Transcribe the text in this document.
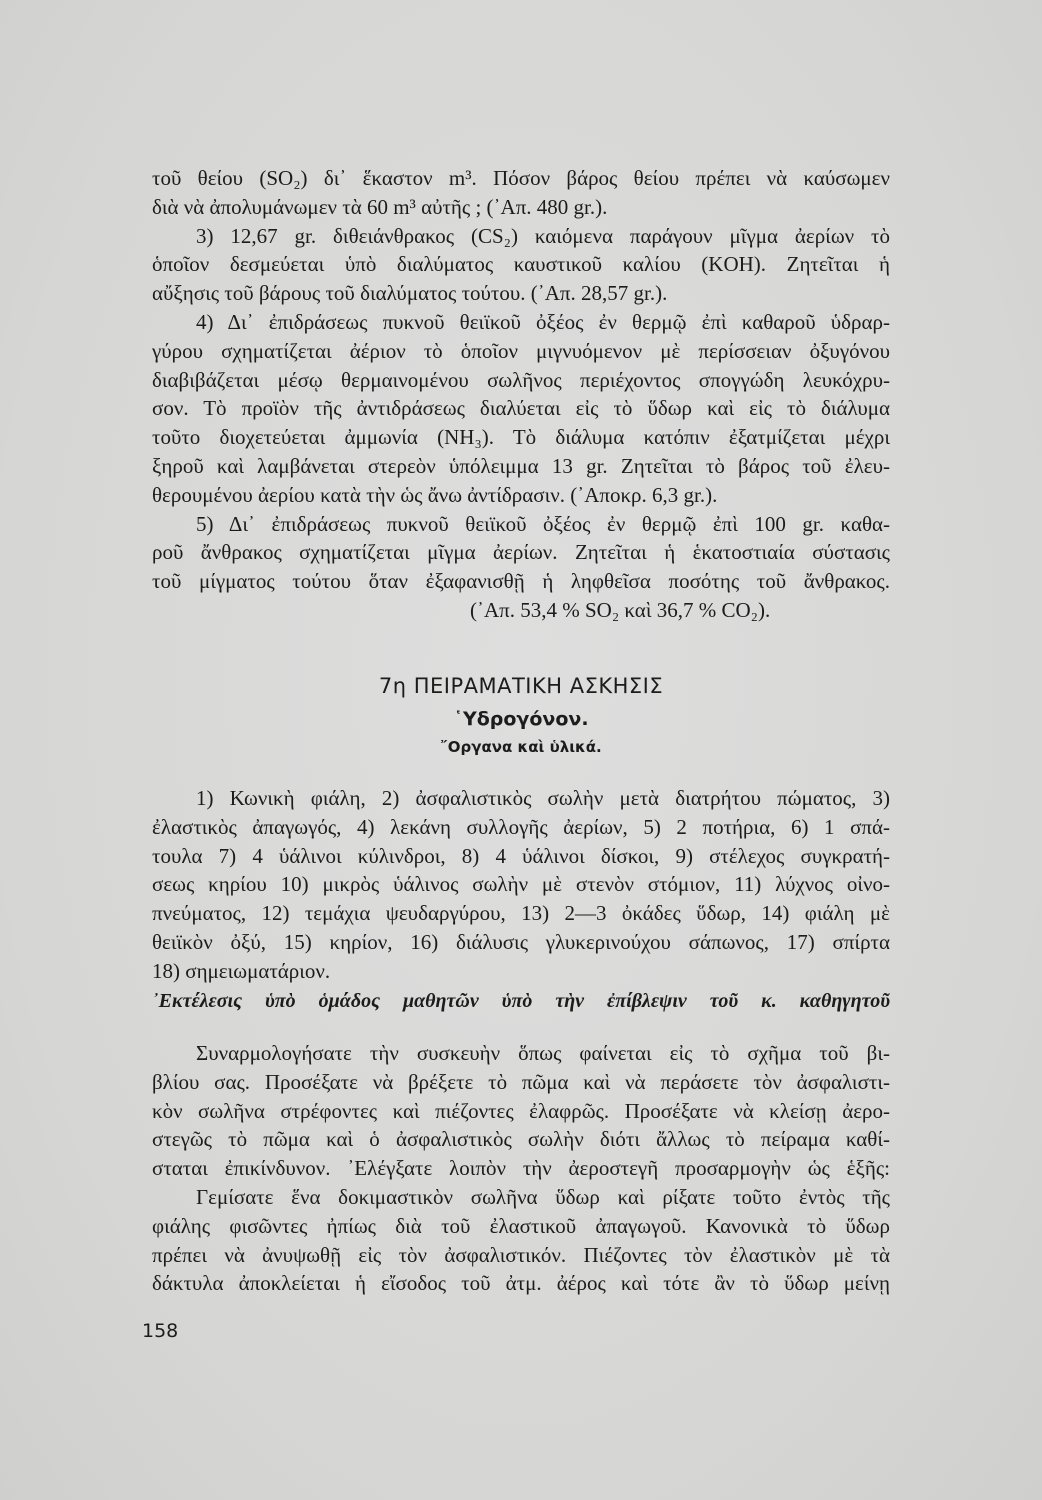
τοῦ θείου (SO₂) δι᾿ ἕκαστον m³. Πόσον βάρος θείου πρέπει νὰ καύσωμεν
διὰ νὰ ἀπολυμάνωμεν τὰ 60 m³ αὐτῆς ; (᾿Απ. 480 gr.).
3) 12,67 gr. διθειάνθρακος (CS₂) καιόμενα παράγουν μῖγμα ἀερίων τὸ
ὁποῖον δεσμεύεται ὑπὸ διαλύματος καυστικοῦ καλίου (KOH). Ζητεῖται ἡ
αὔξησις τοῦ βάρους τοῦ διαλύματος τούτου. (᾿Απ. 28,57 gr.).
4) Δι᾿ ἐπιδράσεως πυκνοῦ θειϊκοῦ ὀξέος ἐν θερμῷ ἐπὶ καθαροῦ ὑδραρ-
γύρου σχηματίζεται ἀέριον τὸ ὁποῖον μιγνυόμενον μὲ περίσσειαν ὀξυγόνου
διαβιβάζεται μέσῳ θερμαινομένου σωλῆνος περιέχοντος σπογγώδη λευκόχρυ-
σον. Τὸ προϊὸν τῆς ἀντιδράσεως διαλύεται εἰς τὸ ὕδωρ καὶ εἰς τὸ διάλυμα
τοῦτο διοχετεύεται ἀμμωνία (NH₃). Τὸ διάλυμα κατόπιν ἐξατμίζεται μέχρι
ξηροῦ καὶ λαμβάνεται στερεὸν ὑπόλειμμα 13 gr. Ζητεῖται τὸ βάρος τοῦ ἐλευ-
θερουμένου ἀερίου κατὰ τὴν ὡς ἄνω ἀντίδρασιν. (᾿Αποκρ. 6,3 gr.).
5) Δι᾿ ἐπιδράσεως πυκνοῦ θειϊκοῦ ὀξέος ἐν θερμῷ ἐπὶ 100 gr. καθα-
ροῦ ἄνθρακος σχηματίζεται μῖγμα ἀερίων. Ζητεῖται ἡ ἑκατοστιαία σύστασις
τοῦ μίγματος τούτου ὅταν ἐξαφανισθῇ ἡ ληφθεῖσα ποσότης τοῦ ἄνθρακος.
(᾿Απ. 53,4 % SO₂ καὶ 36,7 % CO₂).
7η ΠΕΙΡΑΜΑΤΙΚΗ ΑΣΚΗΣΙΣ
῾Υδρογόνον.
῎Οργανα καὶ ὑλικά.
1) Κωνικὴ φιάλη, 2) ἀσφαλιστικὸς σωλὴν μετὰ διατρήτου πώματος, 3)
ἐλαστικὸς ἀπαγωγός, 4) λεκάνη συλλογῆς ἀερίων, 5) 2 ποτήρια, 6) 1 σπά-
τουλα 7) 4 ὑάλινοι κύλινδροι, 8) 4 ὑάλινοι δίσκοι, 9) στέλεχος συγκρατή-
σεως κηρίου 10) μικρὸς ὑάλινος σωλὴν μὲ στενὸν στόμιον, 11) λύχνος οἰνο-
πνεύματος, 12) τεμάχια ψευδαργύρου, 13) 2—3 ὀκάδες ὕδωρ, 14) φιάλη μὲ
θειϊκὸν ὀξύ, 15) κηρίον, 16) διάλυσις γλυκερινούχου σάπωνος, 17) σπίρτα
18) σημειωματάριον.
᾿Εκτέλεσις ὑπὸ ὁμάδος μαθητῶν ὑπὸ τὴν ἐπίβλεψιν τοῦ κ. καθηγητοῦ
Συναρμολογήσατε τὴν συσκευὴν ὅπως φαίνεται εἰς τὸ σχῆμα τοῦ βι-
βλίου σας. Προσέξατε νὰ βρέξετε τὸ πῶμα καὶ νὰ περάσετε τὸν ἀσφαλιστι-
κὸν σωλῆνα στρέφοντες καὶ πιέζοντες ἐλαφρῶς. Προσέξατε νὰ κλείσῃ ἀερο-
στεγῶς τὸ πῶμα καὶ ὁ ἀσφαλιστικὸς σωλὴν διότι ἄλλως τὸ πείραμα καθί-
σταται ἐπικίνδυνον. ᾿Ελέγξατε λοιπὸν τὴν ἀεροστεγῆ προσαρμογὴν ὡς ἑξῆς:
Γεμίσατε ἕνα δοκιμαστικὸν σωλῆνα ὕδωρ καὶ ρίξατε τοῦτο ἐντὸς τῆς
φιάλης φισῶντες ἠπίως διὰ τοῦ ἐλαστικοῦ ἀπαγωγοῦ. Κανονικὰ τὸ ὕδωρ
πρέπει νὰ ἀνυψωθῇ εἰς τὸν ἀσφαλιστικόν. Πιέζοντες τὸν ἐλαστικὸν μὲ τὰ
δάκτυλα ἀποκλείεται ἡ εἴσοδος τοῦ ἀτμ. ἀέρος καὶ τότε ἂν τὸ ὕδωρ μείνῃ
158
